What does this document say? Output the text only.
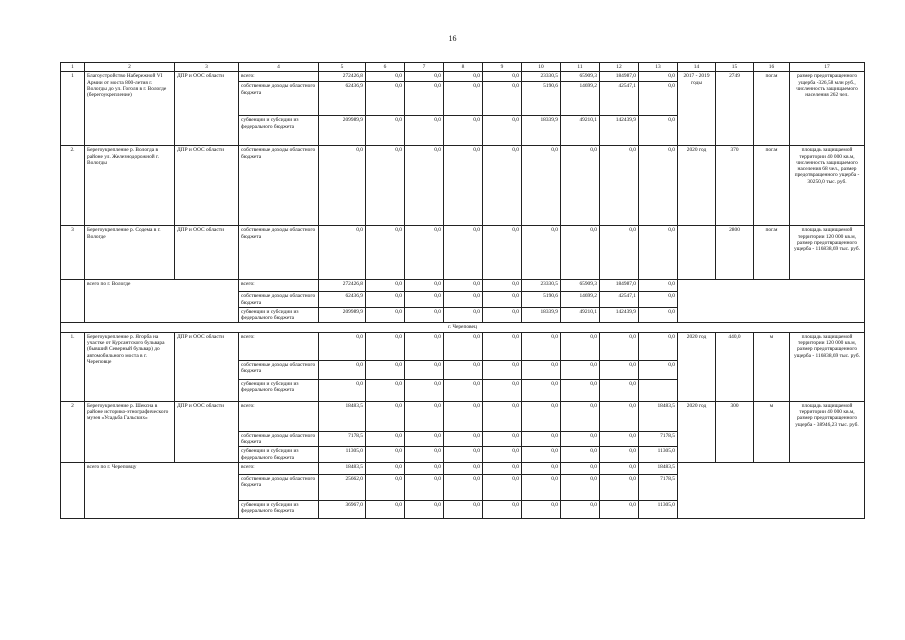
16
1	2	3	4	5	6	7	8	9	10	11	12	13	14	15	16	17
1	Благоустройство Набережной VI Армии от моста 800-летия г. Вологды до ул. Гоголя в г. Вологде (берегоукрепление)	ДПР и ООС области	всего:	272426,8	0,0	0,0	0,0	0,0	23330,5	65909,3	184987,0	0,0	2017 - 2019 годы	2749	пог.м	размер предотвращенного ущерба -326,58 млн руб., численность защищаемого населения 262 чел.
			собственные доходы областного бюджета	62436,9	0,0	0,0	0,0	0,0	5190,6	14699,2	42547,1	0,0				
			субвенции и субсидии из федерального бюджета	209989,9	0,0	0,0	0,0	0,0	18339,9	49210,1	142439,9	0,0				
2.	Берегоукрепление р. Вологда в районе ул. Железнодорожной г. Вологды	ДПР и ООС области	собственные доходы областного бюджета	0,0	0,0	0,0	0,0	0,0	0,0	0,0	0,0	0,0	2020 год	370	пог.м	площадь защищаемой территории 40 000 кв.м, численность защищаемого населения 68 чел., размер предотвращенного ущерба - 30250,0 тыс. руб.
3	Берегоукрепление р. Содема в г. Вологде	ДПР и ООС области	собственные доходы областного бюджета	0,0	0,0	0,0	0,0	0,0	0,0	0,0	0,0	0,0		2800	пог.м	площадь защищаемой территории 120 000 кв.м, размер предотвращенного ущерба - 116838,69 тыс. руб.
	всего по г. Вологде		всего:	272426,8	0,0	0,0	0,0	0,0	23330,5	65909,3	184987,0	0,0				
			собственные доходы областного бюджета	62436,9	0,0	0,0	0,0	0,0	5190,6	14699,2	42547,1	0,0				
			субвенции и субсидии из федерального бюджета	209989,9	0,0	0,0	0,0	0,0	18339,9	49210,1	142439,9	0,0				
г. Череповец																
1.	Берегоукрепление р. Ягорба на участке от Курсантского бульвара (бывший Северный бульвар) до автомобильного моста в г. Череповце	ДПР и ООС области	всего:	0,0	0,0	0,0	0,0	0,0	0,0	0,0	0,0	0,0	2020 год	440,0	м	площадь защищаемой территории 120 000 кв.м, размер предотвращенного ущерба - 116838,69 тыс. руб.
			собственные доходы областного бюджета	0,0	0,0	0,0	0,0	0,0	0,0	0,0	0,0	0,0				
			субвенции и субсидии из федерального бюджета	0,0	0,0	0,0	0,0	0,0	0,0	0,0	0,0					
2	Берегоукрепление р. Шексна в районе историко-этнографического музея «Усадьба Гальских»	ДПР и ООС области	всего:	18483,5	0,0	0,0	0,0	0,0	0,0	0,0	0,0	18483,5	2020 год	300	м	площадь защищаемой территории 40 000 кв.м, размер предотвращенного ущерба - 38946,23 тыс. руб.
			собственные доходы областного бюджета	7178,5	0,0	0,0	0,0	0,0	0,0	0,0	0,0	7178,5				
			субвенции и субсидии из федерального бюджета	11305,0	0,0	0,0	0,0	0,0	0,0	0,0	0,0	11305,0				
	всего по г. Череповцу		всего:	18483,5	0,0	0,0	0,0	0,0	0,0	0,0	0,0	18483,5				
			собственные доходы областного бюджета	25662,0	0,0	0,0	0,0	0,0	0,0	0,0	0,0	7178,5				
			субвенции и субсидии из федерального бюджета	36967,0	0,0	0,0	0,0	0,0	0,0	0,0	0,0	11305,0				
